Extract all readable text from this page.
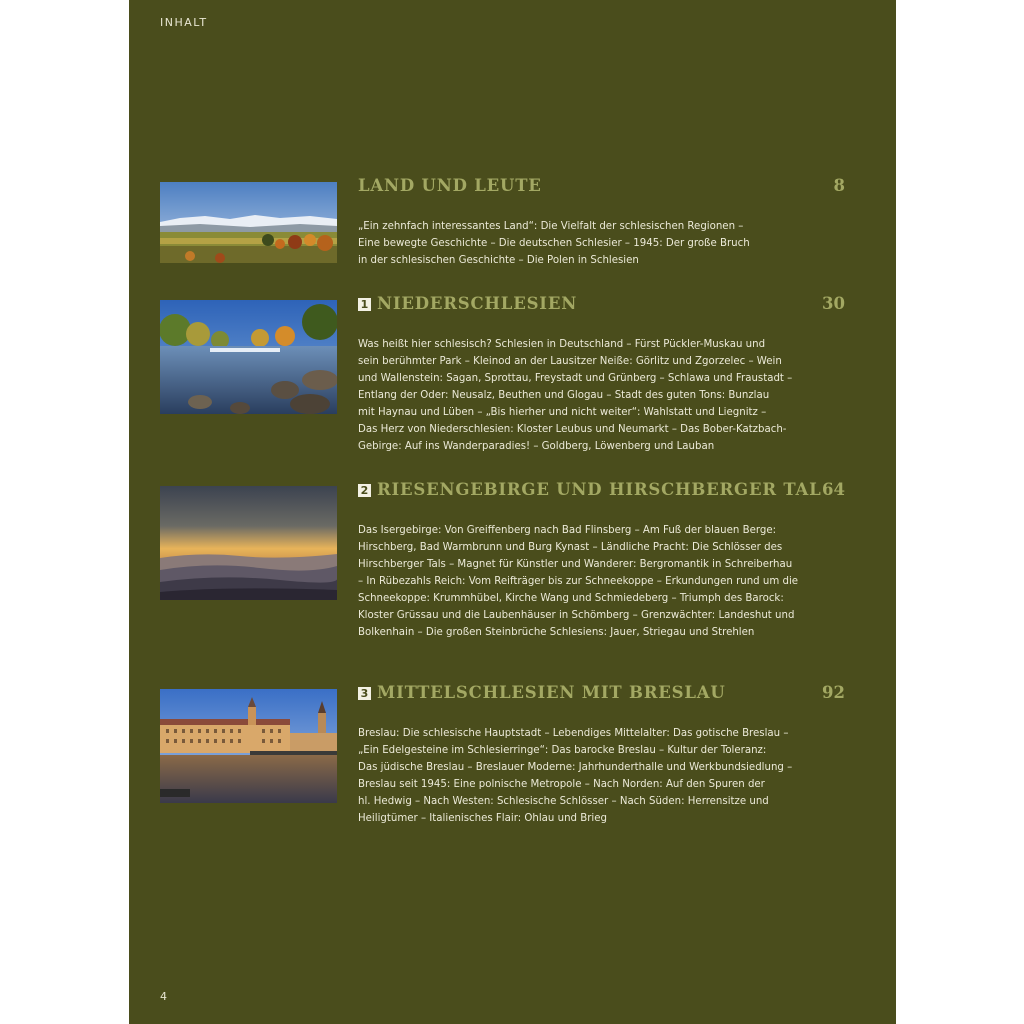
INHALT
LAND UND LEUTE	8
„Ein zehnfach interessantes Land“: Die Vielfalt der schlesischen Regionen –
Eine bewegte Geschichte – Die deutschen Schlesier – 1945: Der große Bruch
in der schlesischen Geschichte – Die Polen in Schlesien
1 NIEDERSCHLESIEN	30
Was heißt hier schlesisch? Schlesien in Deutschland – Fürst Pückler-Muskau und
sein berühmter Park – Kleinod an der Lausitzer Neiße: Görlitz und Zgorzelec – Wein
und Wallenstein: Sagan, Sprottau, Freystadt und Grünberg – Schlawa und Fraustadt –
Entlang der Oder: Neusalz, Beuthen und Glogau – Stadt des guten Tons: Bunzlau
mit Haynau und Lüben – „Bis hierher und nicht weiter“: Wahlstatt und Liegnitz –
Das Herz von Niederschlesien: Kloster Leubus und Neumarkt – Das Bober-Katzbach-
Gebirge: Auf ins Wanderparadies! – Goldberg, Löwenberg und Lauban
2 RIESENGEBIRGE UND HIRSCHBERGER TAL 64
Das Isergebirge: Von Greiffenberg nach Bad Flinsberg – Am Fuß der blauen Berge:
Hirschberg, Bad Warmbrunn und Burg Kynast – Ländliche Pracht: Die Schlösser des
Hirschberger Tals – Magnet für Künstler und Wanderer: Bergromantik in Schreiberhau
– In Rübezahls Reich: Vom Reifträger bis zur Schneekoppe – Erkundungen rund um die
Schneekoppe: Krummhübel, Kirche Wang und Schmiedeberg – Triumph des Barock:
Kloster Grüssau und die Laubenhäuser in Schömberg – Grenzwächter: Landeshut und
Bolkenhain – Die großen Steinbrüche Schlesiens: Jauer, Striegau und Strehlen
3 MITTELSCHLESIEN MIT BRESLAU	92
Breslau: Die schlesische Hauptstadt – Lebendiges Mittelalter: Das gotische Breslau –
„Ein Edelgesteine im Schlesierringe“: Das barocke Breslau – Kultur der Toleranz:
Das jüdische Breslau – Breslauer Moderne: Jahrhunderthalle und Werkbundsiedlung –
Breslau seit 1945: Eine polnische Metropole – Nach Norden: Auf den Spuren der
hl. Hedwig – Nach Westen: Schlesische Schlösser – Nach Süden: Herrensitze und
Heiligtümer – Italienisches Flair: Ohlau und Brieg
4
